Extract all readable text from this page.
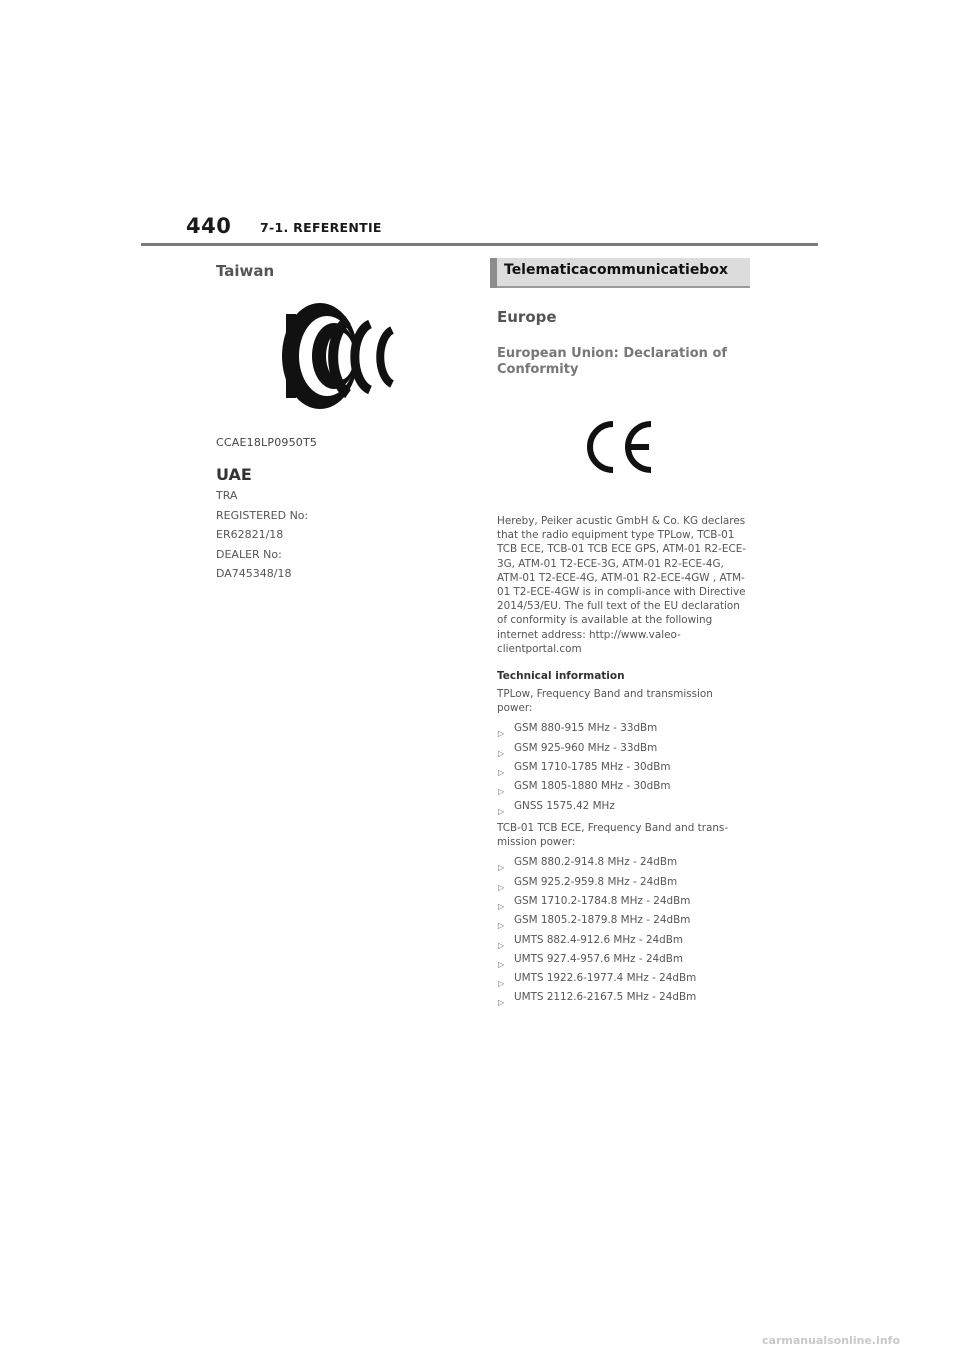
440 7-1. REFERENTIE
Taiwan

CCAE18LP0950T5

UAE

TRA

REGISTERED No:

ER62821/18

DEALER No:

DA745348/18

Telematicacommunicatiebox
Europe
European Union: Declaration of Conformity

Hereby, Peiker acustic GmbH & Co. KG declares that the radio equipment type TPLow, TCB-01 TCB ECE, TCB-01 TCB ECE GPS, ATM-01 R2-ECE-3G, ATM-01 T2-ECE-3G, ATM-01 R2-ECE-4G, ATM-01 T2-ECE-4G, ATM-01 R2-ECE-4GW , ATM-01 T2-ECE-4GW is in compli-ance with Directive 2014/53/EU. The full text of the EU declaration of conformity is available at the following internet address: http://www.valeo-clientportal.com

Technical information

TPLow, Frequency Band and transmission power:

▷ GSM 880-915 MHz - 33dBm
▷ GSM 925-960 MHz - 33dBm
▷ GSM 1710-1785 MHz - 30dBm
▷ GSM 1805-1880 MHz - 30dBm
▷ GNSS 1575.42 MHz

TCB-01 TCB ECE, Frequency Band and trans-mission power:

▷ GSM 880.2-914.8 MHz - 24dBm
▷ GSM 925.2-959.8 MHz - 24dBm
▷ GSM 1710.2-1784.8 MHz - 24dBm
▷ GSM 1805.2-1879.8 MHz - 24dBm
▷ UMTS 882.4-912.6 MHz - 24dBm
▷ UMTS 927.4-957.6 MHz - 24dBm
▷ UMTS 1922.6-1977.4 MHz - 24dBm
▷ UMTS 2112.6-2167.5 MHz - 24dBm
carmanualsonline.info
